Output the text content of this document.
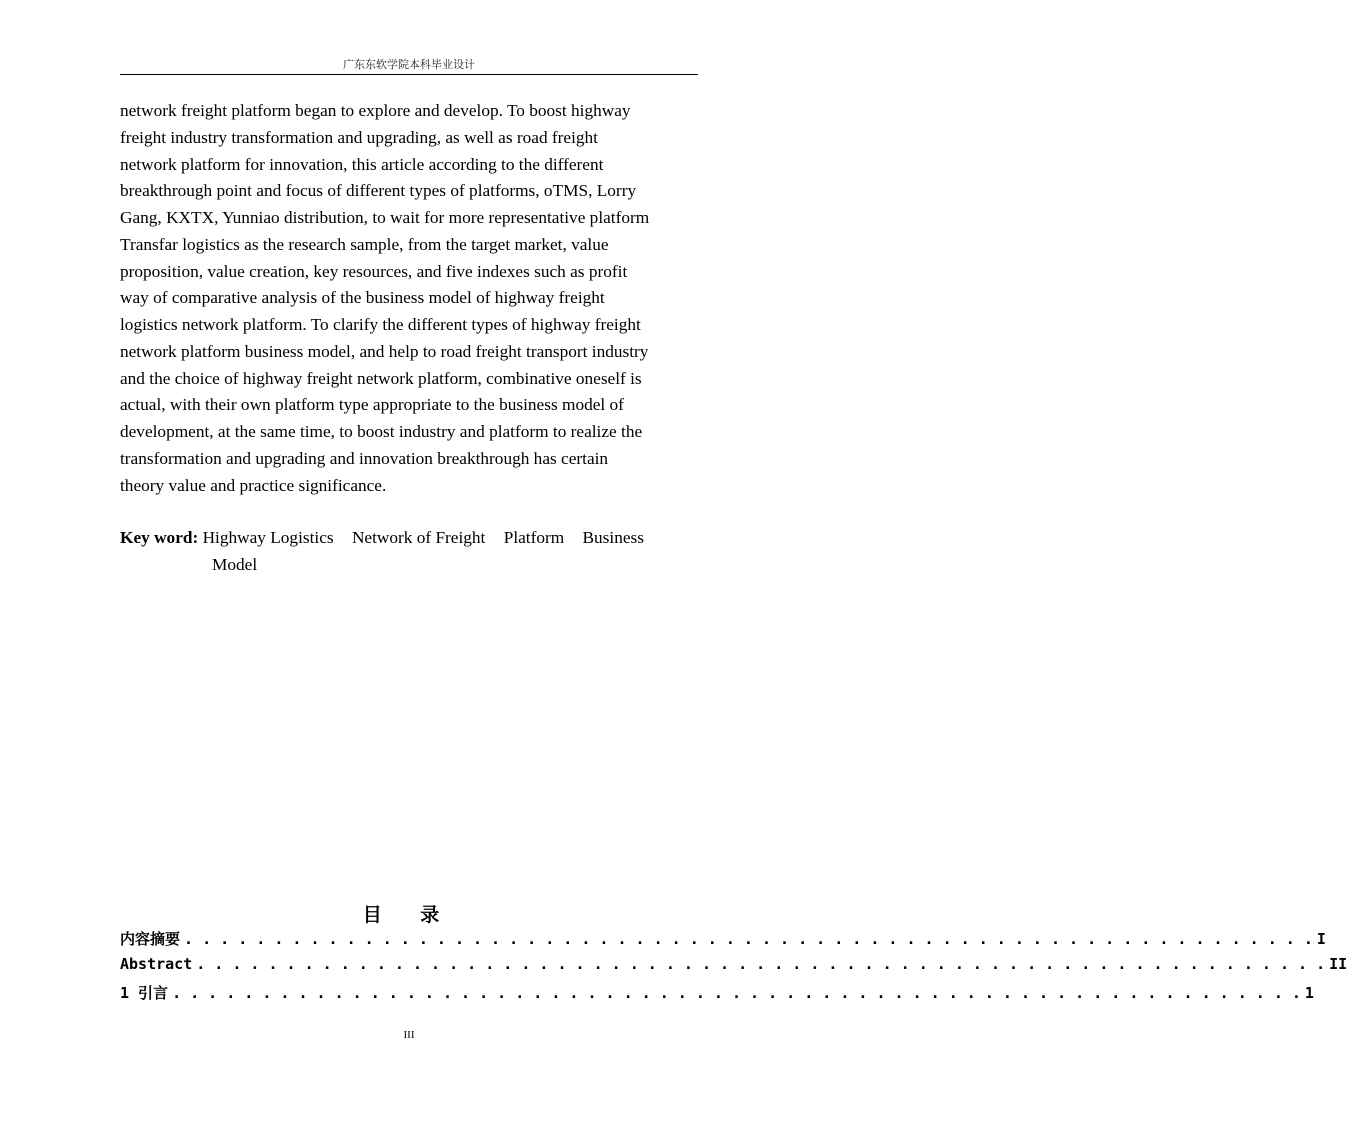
广东东软学院本科毕业设计
network freight platform began to explore and develop. To boost highway
freight industry transformation and upgrading, as well as road freight
network platform for innovation, this article according to the different
breakthrough point and focus of different types of platforms, oTMS, Lorry
Gang, KXTX, Yunniao distribution, to wait for more representative platform
Transfar logistics as the research sample, from the target market, value
proposition, value creation, key resources, and five indexes such as profit
way of comparative analysis of the business model of highway freight
logistics network platform. To clarify the different types of highway freight
network platform business model, and help to road freight transport industry
and the choice of highway freight network platform, combinative oneself is
actual, with their own platform type appropriate to the business model of
development, at the same time, to boost industry and platform to realize the
transformation and upgrading and innovation breakthrough has certain
theory value and practice significance.
Key word: Highway Logistics Network of Freight Platform Business
Model
目 录
内容摘要 . . . . . . . . . . . . . . . . . . . . . . . . . . . . . . . . . . . . . . . . . . . . . . . . . . . . . . . . . . . . . . . I
Abstract . . . . . . . . . . . . . . . . . . . . . . . . . . . . . . . . . . . . . . . . . . . . . . . . . . . . . . . . . . . . . . . II
1 引言 . . . . . . . . . . . . . . . . . . . . . . . . . . . . . . . . . . . . . . . . . . . . . . . . . . . . . . . . . . . . . . . 1
III
